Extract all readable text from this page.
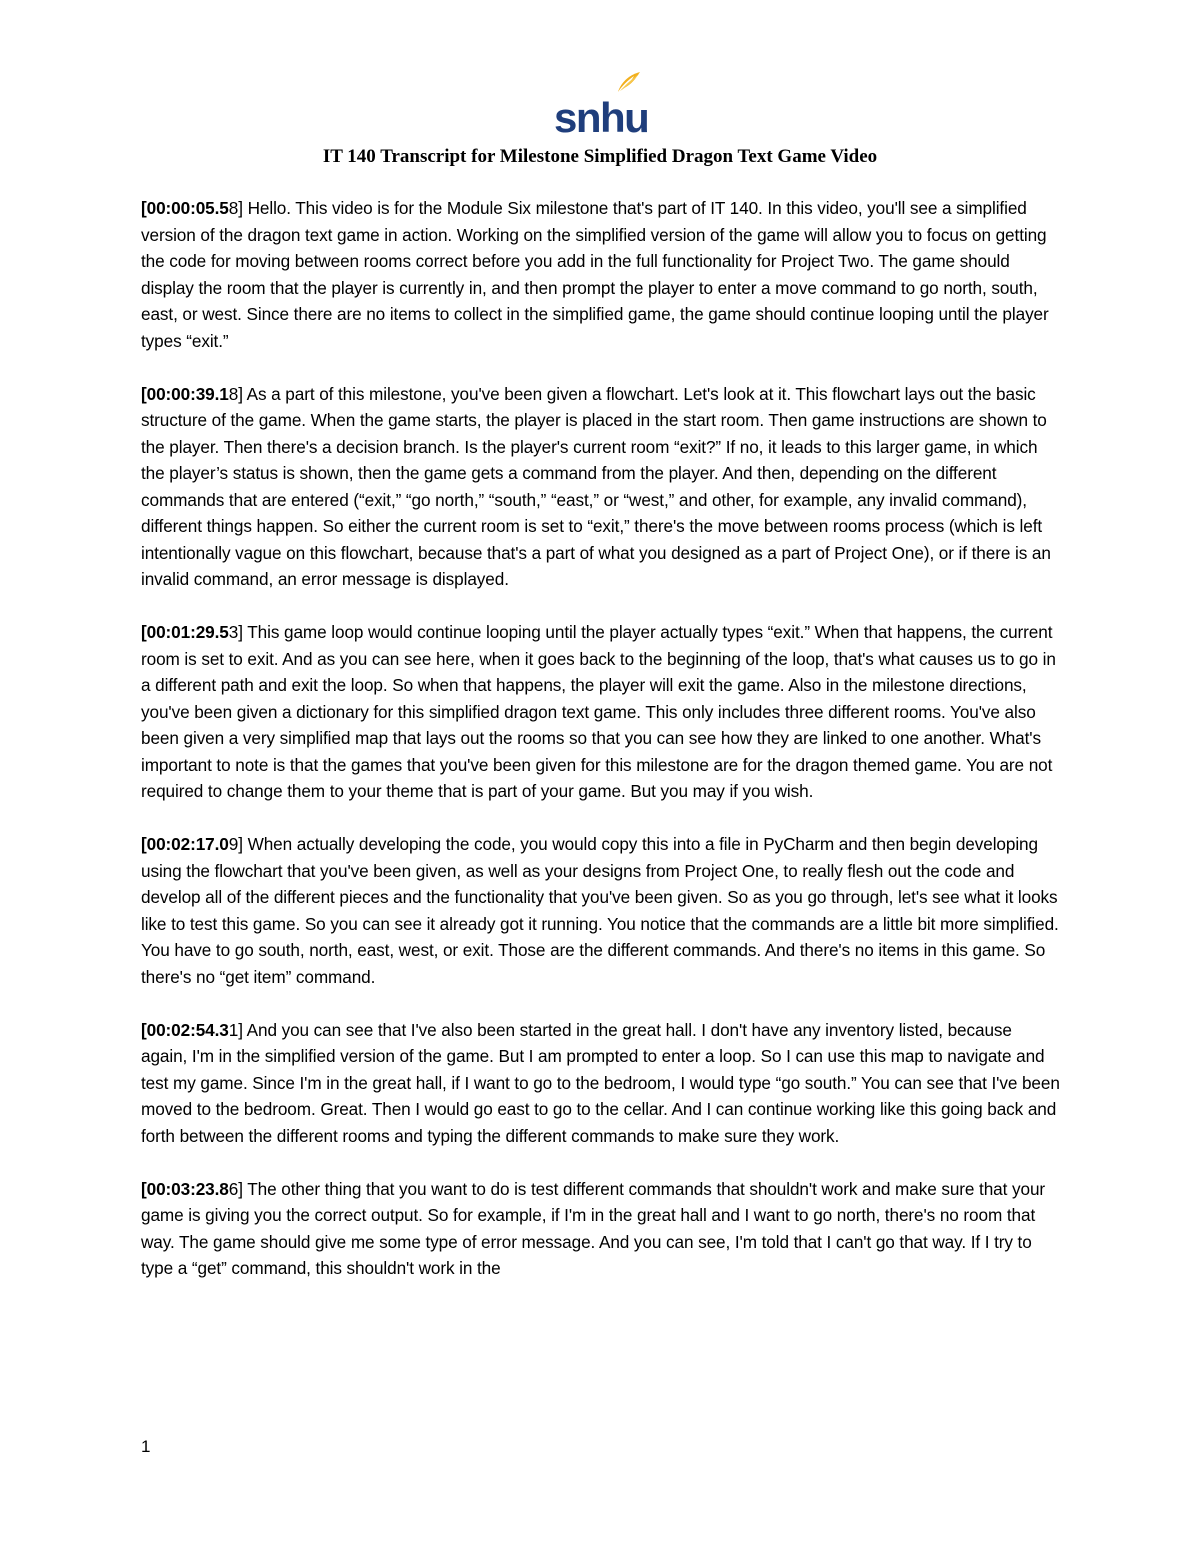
snhu
IT 140 Transcript for Milestone Simplified Dragon Text Game Video

[00:00:05.58] Hello. This video is for the Module Six milestone that's part of IT 140. In this video, you'll see a simplified version of the dragon text game in action. Working on the simplified version of the game will allow you to focus on getting the code for moving between rooms correct before you add in the full functionality for Project Two. The game should display the room that the player is currently in, and then prompt the player to enter a move command to go north, south, east, or west. Since there are no items to collect in the simplified game, the game should continue looping until the player types “exit.”

[00:00:39.18] As a part of this milestone, you've been given a flowchart. Let's look at it. This flowchart lays out the basic structure of the game. When the game starts, the player is placed in the start room. Then game instructions are shown to the player. Then there's a decision branch. Is the player's current room “exit?” If no, it leads to this larger game, in which the player’s status is shown, then the game gets a command from the player. And then, depending on the different commands that are entered (“exit,” “go north,” “south,” “east,” or “west,” and other, for example, any invalid command), different things happen. So either the current room is set to “exit,” there's the move between rooms process (which is left intentionally vague on this flowchart, because that's a part of what you designed as a part of Project One), or if there is an invalid command, an error message is displayed.

[00:01:29.53] This game loop would continue looping until the player actually types “exit.” When that happens, the current room is set to exit. And as you can see here, when it goes back to the beginning of the loop, that's what causes us to go in a different path and exit the loop. So when that happens, the player will exit the game. Also in the milestone directions, you've been given a dictionary for this simplified dragon text game. This only includes three different rooms. You've also been given a very simplified map that lays out the rooms so that you can see how they are linked to one another. What's important to note is that the games that you've been given for this milestone are for the dragon themed game. You are not required to change them to your theme that is part of your game. But you may if you wish.

[00:02:17.09] When actually developing the code, you would copy this into a file in PyCharm and then begin developing using the flowchart that you've been given, as well as your designs from Project One, to really flesh out the code and develop all of the different pieces and the functionality that you've been given. So as you go through, let's see what it looks like to test this game. So you can see it already got it running. You notice that the commands are a little bit more simplified. You have to go south, north, east, west, or exit. Those are the different commands. And there's no items in this game. So there's no “get item” command.

[00:02:54.31] And you can see that I've also been started in the great hall. I don't have any inventory listed, because again, I'm in the simplified version of the game. But I am prompted to enter a loop. So I can use this map to navigate and test my game. Since I'm in the great hall, if I want to go to the bedroom, I would type “go south.” You can see that I've been moved to the bedroom. Great. Then I would go east to go to the cellar. And I can continue working like this going back and forth between the different rooms and typing the different commands to make sure they work.

[00:03:23.86] The other thing that you want to do is test different commands that shouldn't work and make sure that your game is giving you the correct output. So for example, if I'm in the great hall and I want to go north, there's no room that way. The game should give me some type of error message. And you can see, I'm told that I can't go that way. If I try to type a “get” command, this shouldn't work in the

1
